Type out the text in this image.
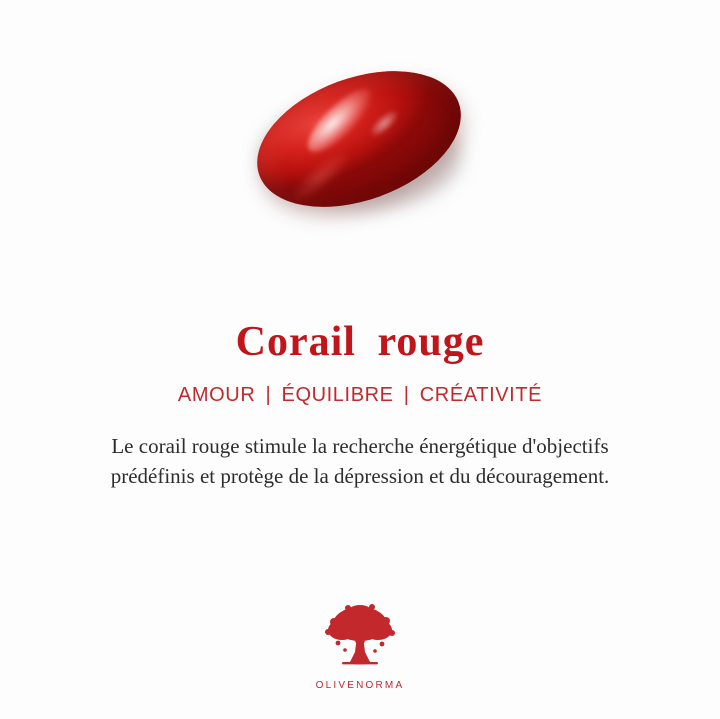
Corail rouge
AMOUR | ÉQUILIBRE | CRÉATIVITÉ
Le corail rouge stimule la recherche énergétique d'objectifs prédéfinis et protège de la dépression et du découragement.
OLIVENORMA
